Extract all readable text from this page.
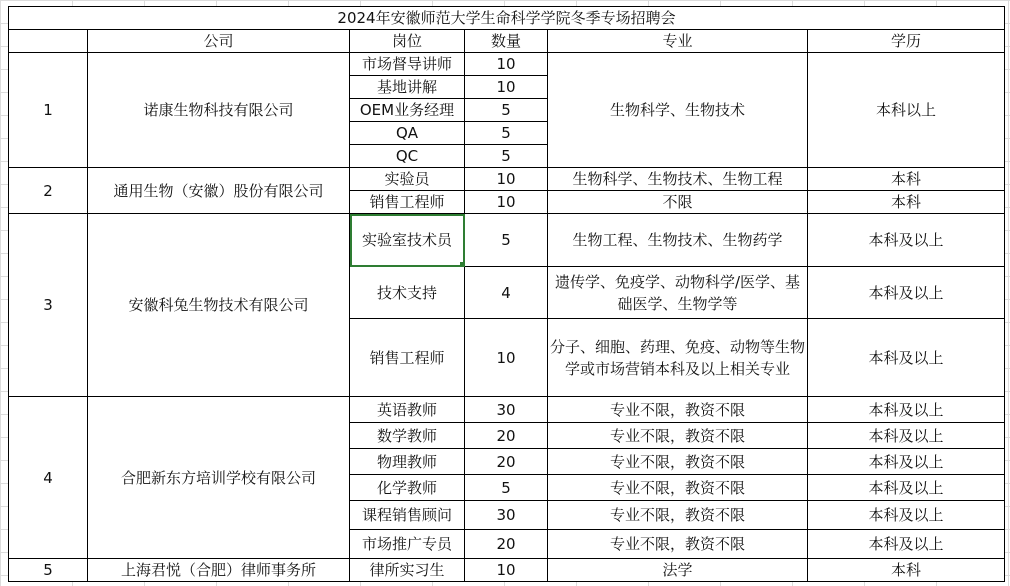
2024年安徽师范大学生命科学学院冬季专场招聘会					
	公司	岗位	数量	专业	学历
1	诺康生物科技有限公司	市场督导讲师	10	生物科学、生物技术	本科以上
		基地讲解	10		
		OEM业务经理	5		
		QA	5		
		QC	5		
2	通用生物（安徽）股份有限公司	实验员	10	生物科学、生物技术、生物工程	本科
		销售工程师	10	不限	本科
3	安徽科兔生物技术有限公司	实验室技术员	5	生物工程、生物技术、生物药学	本科及以上
		技术支持	4	遗传学、免疫学、动物科学/医学、基础医学、生物学等	本科及以上
		销售工程师	10	分子、细胞、药理、免疫、动物等生物学或市场营销本科及以上相关专业	本科及以上
4	合肥新东方培训学校有限公司	英语教师	30	专业不限，教资不限	本科及以上
		数学教师	20	专业不限，教资不限	本科及以上
		物理教师	20	专业不限，教资不限	本科及以上
		化学教师	5	专业不限，教资不限	本科及以上
		课程销售顾问	30	专业不限，教资不限	本科及以上
		市场推广专员	20	专业不限，教资不限	本科及以上
5	上海君悦（合肥）律师事务所	律所实习生	10	法学	本科
